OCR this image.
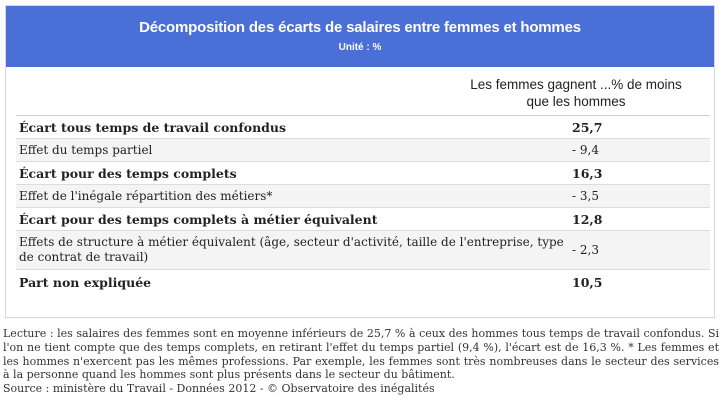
Décomposition des écarts de salaires entre femmes et hommes
Unité : %
Les femmes gagnent ...% de moins que les hommes
Écart tous temps de travail confondus	25,7
Effet du temps partiel	- 9,4
Écart pour des temps complets	16,3
Effet de l'inégale répartition des métiers*	- 3,5
Écart pour des temps complets à métier équivalent	12,8
Effets de structure à métier équivalent (âge, secteur d'activité, taille de l'entreprise, type de contrat de travail)	- 2,3
Part non expliquée	10,5
Lecture : les salaires des femmes sont en moyenne inférieurs de 25,7 % à ceux des hommes tous temps de travail confondus. Si l'on ne tient compte que des temps complets, en retirant l'effet du temps partiel (9,4 %), l'écart est de 16,3 %. * Les femmes et les hommes n'exercent pas les mêmes professions. Par exemple, les femmes sont très nombreuses dans le secteur des services à la personne quand les hommes sont plus présents dans le secteur du bâtiment.
Source : ministère du Travail - Données 2012 - © Observatoire des inégalités
